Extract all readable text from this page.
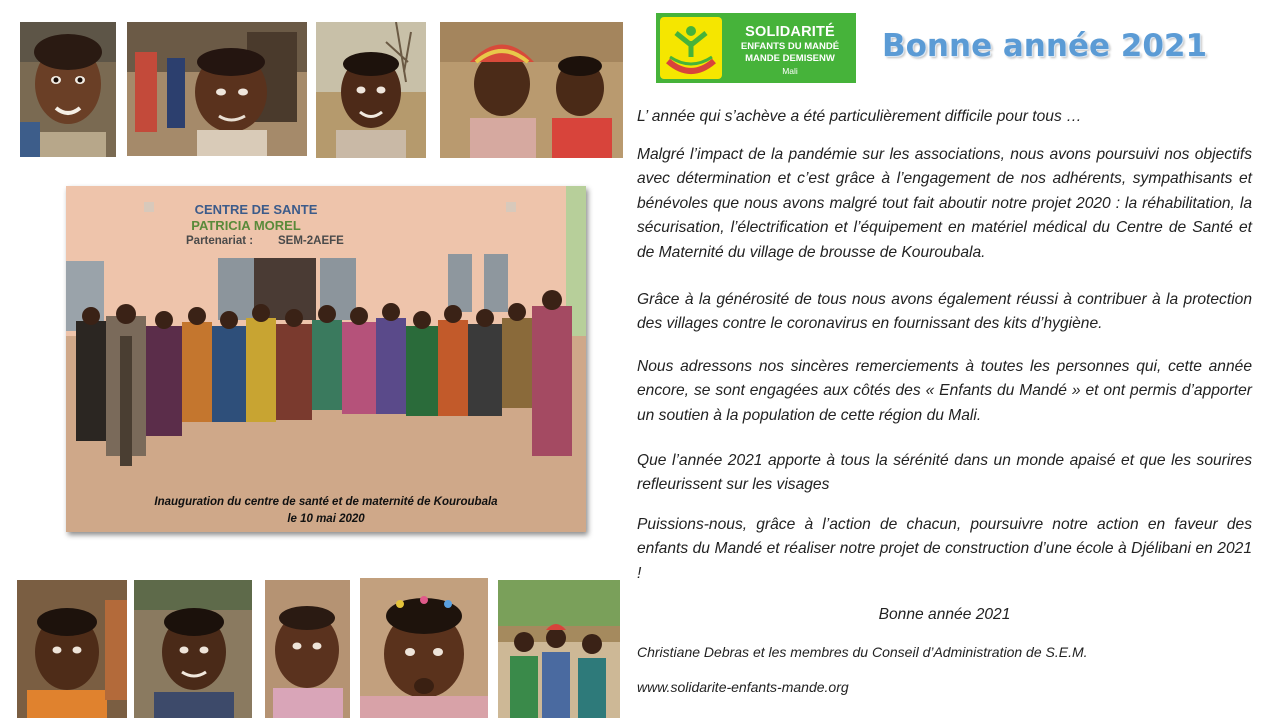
CENTRE DE SANTE
PATRICIA MOREL
Partenariat : SEM-2AEFE
Inauguration du centre de santé et de maternité de Kouroubala
le 10 mai 2020
SOLIDARITÉ
ENFANTS DU MANDÉ
MANDE DEMISENW
Mali
Bonne année 2021
L’ année qui s’achève a été particulièrement difficile pour tous …
Malgré l’impact de la pandémie sur les associations, nous avons poursuivi nos objectifs avec détermination et c’est grâce à l’engagement de nos adhérents, sympathisants et bénévoles que nous avons malgré tout fait aboutir notre projet 2020 : la réhabilitation, la sécurisation, l’électrification et l’équipement en matériel médical du Centre de Santé et de Maternité du village de brousse de Kouroubala.
Grâce à la générosité de tous nous avons également réussi à contribuer à la protection des villages contre le coronavirus en fournissant des kits d’hygiène.
Nous adressons nos sincères remerciements à toutes les personnes qui, cette année encore, se sont engagées aux côtés des « Enfants du Mandé » et ont permis d’apporter un soutien à la population de cette région du Mali.
Que l’année 2021 apporte à tous la sérénité dans un monde apaisé et que les sourires refleurissent sur les visages
Puissions-nous, grâce à l’action de chacun, poursuivre notre action en faveur des enfants du Mandé et réaliser notre projet de construction d’une école à Djélibani en 2021 !
Bonne année 2021
Christiane Debras et les membres du Conseil d’Administration de S.E.M.
www.solidarite-enfants-mande.org
